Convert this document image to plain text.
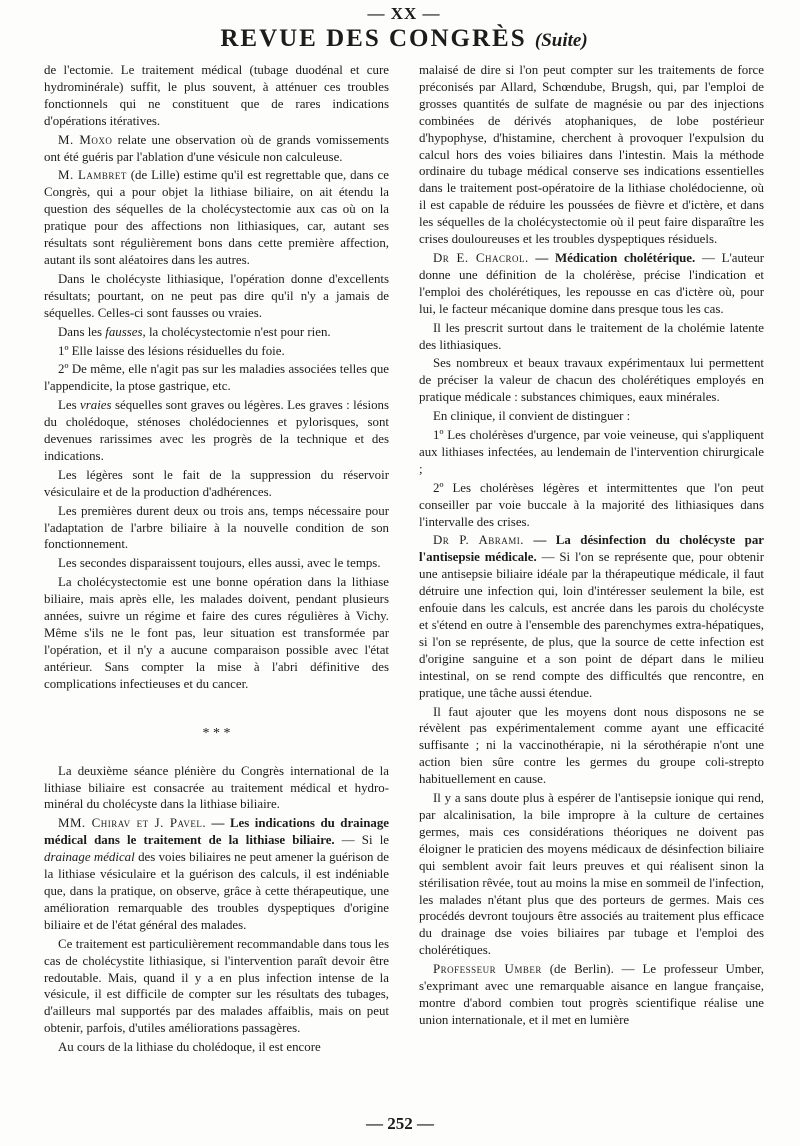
— XX —
REVUE DES CONGRÈS (Suite)

de l'ectomie. Le traitement médical (tubage duodénal et cure hydrominérale) suffit, le plus souvent, à atténuer ces troubles fonctionnels qui ne constituent que de rares indications d'opérations itératives.

M. Moxo relate une observation où de grands vomissements ont été guéris par l'ablation d'une vésicule non calculeuse.

M. Lambret (de Lille) estime qu'il est regrettable que, dans ce Congrès, qui a pour objet la lithiase biliaire, on ait étendu la question des séquelles de la cholécystectomie aux cas où on la pratique pour des affections non lithiasiques, car, autant ses résultats sont régulièrement bons dans cette première affection, autant ils sont aléatoires dans les autres.

Dans le cholécyste lithiasique, l'opération donne d'excellents résultats; pourtant, on ne peut pas dire qu'il n'y a jamais de séquelles. Celles-ci sont fausses ou vraies.

Dans les fausses, la cholécystectomie n'est pour rien.

1º Elle laisse des lésions résiduelles du foie.

2º De même, elle n'agit pas sur les maladies associées telles que l'appendicite, la ptose gastrique, etc.

Les vraies séquelles sont graves ou légères. Les graves : lésions du cholédoque, sténoses cholédociennes et pylorisques, sont devenues rarissimes avec les progrès de la technique et des indications.

Les légères sont le fait de la suppression du réservoir vésiculaire et de la production d'adhérences.

Les premières durent deux ou trois ans, temps nécessaire pour l'adaptation de l'arbre biliaire à la nouvelle condition de son fonctionnement.

Les secondes disparaissent toujours, elles aussi, avec le temps.

La cholécystectomie est une bonne opération dans la lithiase biliaire, mais après elle, les malades doivent, pendant plusieurs années, suivre un régime et faire des cures régulières à Vichy. Même s'ils ne le font pas, leur situation est transformée par l'opération, et il n'y a aucune comparaison possible avec l'état antérieur. Sans compter la mise à l'abri définitive des complications infectieuses et du cancer.

* * *

La deuxième séance plénière du Congrès international de la lithiase biliaire est consacrée au traitement médical et hydro-minéral du cholécyste dans la lithiase biliaire.

MM. Chirav et J. Pavel. — Les indications du drainage médical dans le traitement de la lithiase biliaire. — Si le drainage médical des voies biliaires ne peut amener la guérison de la lithiase vésiculaire et la guérison des calculs, il est indéniable que, dans la pratique, on observe, grâce à cette thérapeutique, une amélioration remarquable des troubles dyspeptiques d'origine biliaire et de l'état général des malades.

Ce traitement est particulièrement recommandable dans tous les cas de cholécystite lithiasique, si l'intervention paraît devoir être redoutable. Mais, quand il y a en plus infection intense de la vésicule, il est difficile de compter sur les résultats des tubages, d'ailleurs mal supportés par des malades affaiblis, mais on peut obtenir, parfois, d'utiles améliorations passagères.

Au cours de la lithiase du cholédoque, il est encore

malaisé de dire si l'on peut compter sur les traitements de force préconisés par Allard, Schœndube, Brugsh, qui, par l'emploi de grosses quantités de sulfate de magnésie ou par des injections combinées de dérivés atophaniques, de lobe postérieur d'hypophyse, d'histamine, cherchent à provoquer l'expulsion du calcul hors des voies biliaires dans l'intestin. Mais la méthode ordinaire du tubage médical conserve ses indications essentielles dans le traitement post-opératoire de la lithiase cholédocienne, où il est capable de réduire les poussées de fièvre et d'ictère, et dans les séquelles de la cholécystectomie où il peut faire disparaître les crises douloureuses et les troubles dyspeptiques résiduels.

Dr E. Chacrol. — Médication cholétérique. — L'auteur donne une définition de la cholérèse, précise l'indication et l'emploi des cholérétiques, les repousse en cas d'ictère où, pour lui, le facteur mécanique domine dans presque tous les cas.

Il les prescrit surtout dans le traitement de la cholémie latente des lithiasiques.

Ses nombreux et beaux travaux expérimentaux lui permettent de préciser la valeur de chacun des cholérétiques employés en pratique médicale : substances chimiques, eaux minérales.

En clinique, il convient de distinguer :

1º Les cholérèses d'urgence, par voie veineuse, qui s'appliquent aux lithiases infectées, au lendemain de l'intervention chirurgicale ;

2º Les cholérèses légères et intermittentes que l'on peut conseiller par voie buccale à la majorité des lithiasiques dans l'intervalle des crises.

Dr P. Abrami. — La désinfection du cholécyste par l'antisepsie médicale. — Si l'on se représente que, pour obtenir une antisepsie biliaire idéale par la thérapeutique médicale, il faut détruire une infection qui, loin d'intéresser seulement la bile, est enfouie dans les calculs, est ancrée dans les parois du cholécyste et s'étend en outre à l'ensemble des parenchymes extra-hépatiques, si l'on se représente, de plus, que la source de cette infection est d'origine sanguine et a son point de départ dans le milieu intestinal, on se rend compte des difficultés que rencontre, en pratique, une tâche aussi étendue.

Il faut ajouter que les moyens dont nous disposons ne se révèlent pas expérimentalement comme ayant une efficacité suffisante ; ni la vaccinothérapie, ni la sérothérapie n'ont une action bien sûre contre les germes du groupe coli-strepto habituellement en cause.

Il y a sans doute plus à espérer de l'antisepsie ionique qui rend, par alcalinisation, la bile impropre à la culture de certaines germes, mais ces considérations théoriques ne doivent pas éloigner le praticien des moyens médicaux de désinfection biliaire qui semblent avoir fait leurs preuves et qui réalisent sinon la stérilisation rêvée, tout au moins la mise en sommeil de l'infection, les malades n'étant plus que des porteurs de germes. Mais ces procédés devront toujours être associés au traitement plus efficace du drainage dse voies biliaires par tubage et l'emploi des cholérétiques.

Professeur Umber (de Berlin). — Le professeur Umber, s'exprimant avec une remarquable aisance en langue française, montre d'abord combien tout progrès scientifique réalise une union internationale, et il met en lumière

— 252 —
